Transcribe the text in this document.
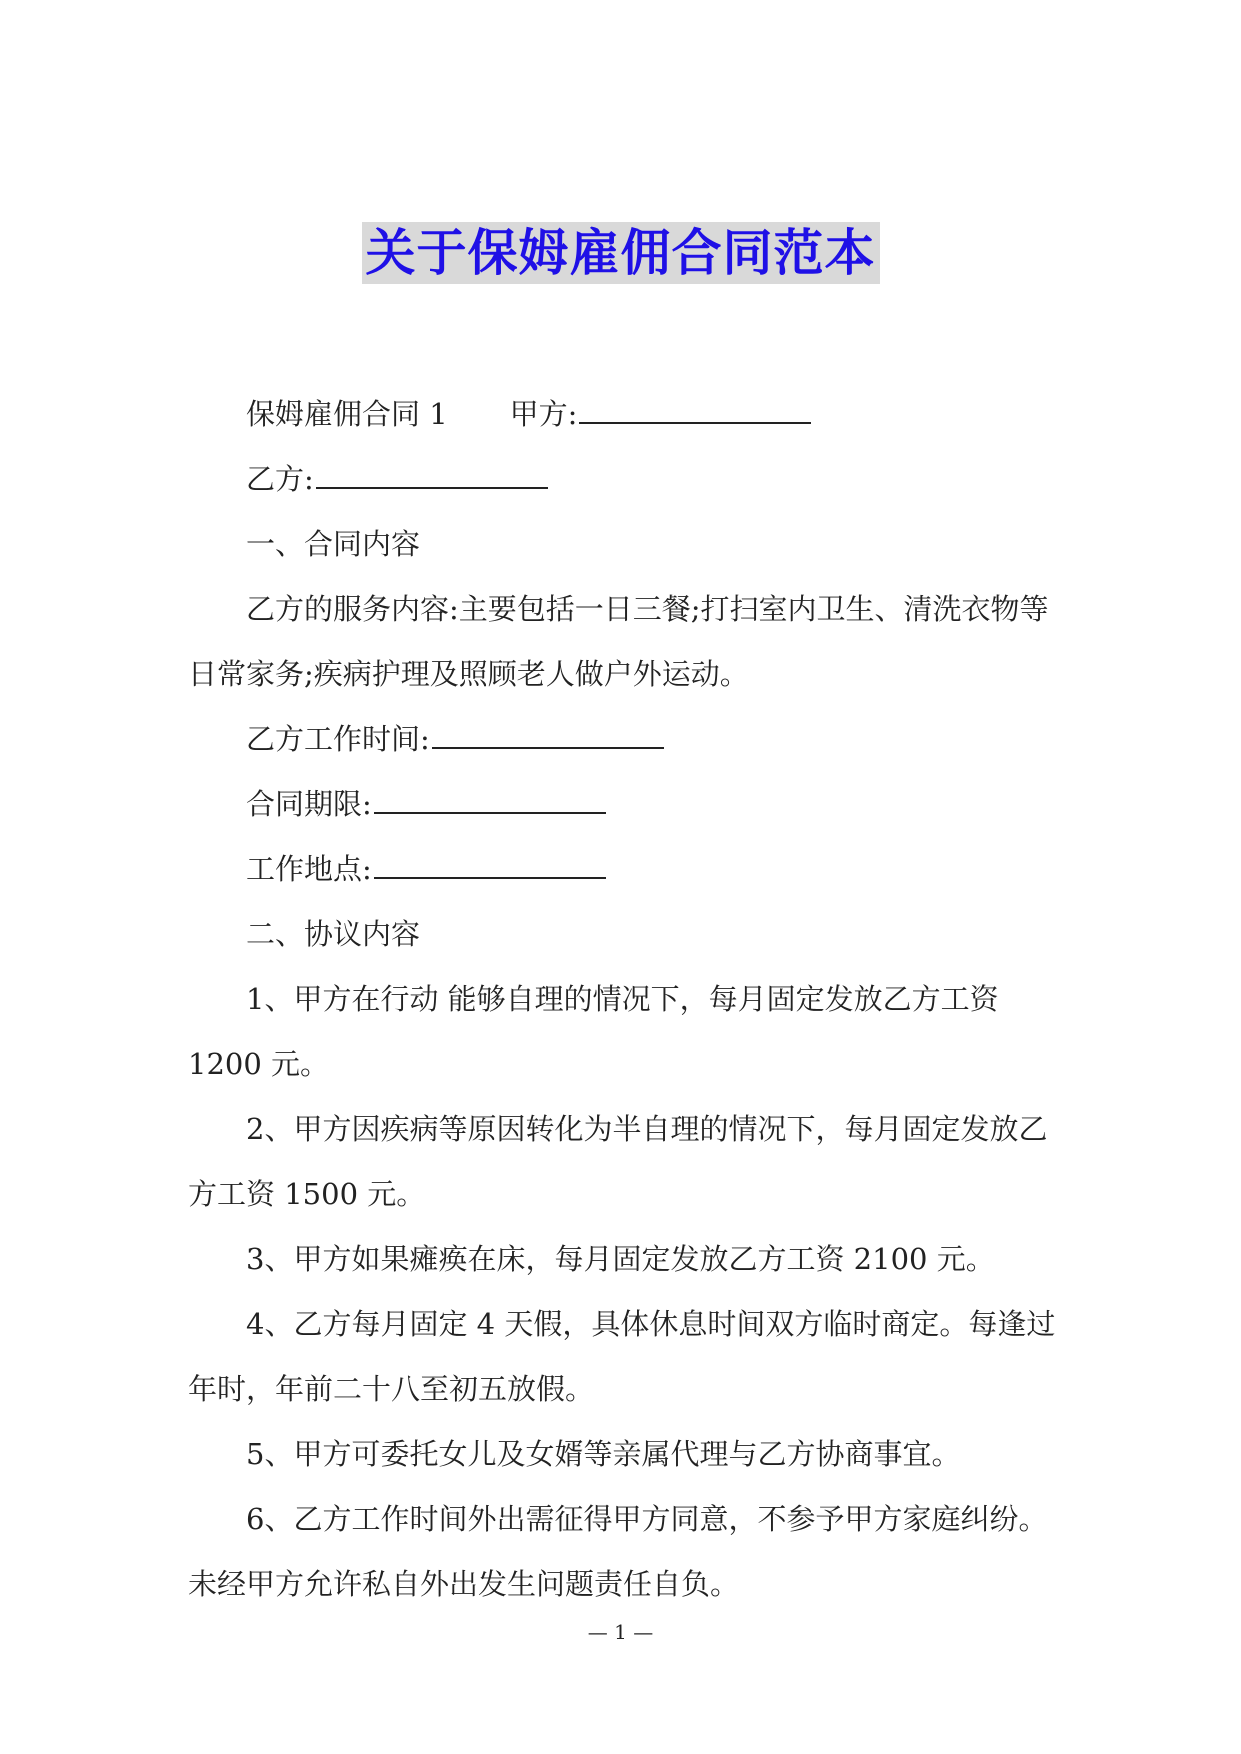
关于保姆雇佣合同范本

保姆雇佣合同 1 甲方:

乙方:

一、合同内容

乙方的服务内容:主要包括一日三餐;打扫室内卫生、清洗衣物等日常家务;疾病护理及照顾老人做户外运动。

乙方工作时间:

合同期限:

工作地点:

二、协议内容

1、甲方在行动 能够自理的情况下，每月固定发放乙方工资 1200 元。

2、甲方因疾病等原因转化为半自理的情况下，每月固定发放乙方工资 1500 元。

3、甲方如果瘫痪在床，每月固定发放乙方工资 2100 元。

4、乙方每月固定 4 天假，具体休息时间双方临时商定。每逢过年时，年前二十八至初五放假。

5、甲方可委托女儿及女婿等亲属代理与乙方协商事宜。

6、乙方工作时间外出需征得甲方同意，不参予甲方家庭纠纷。未经甲方允许私自外出发生问题责任自负。

— 1 —
